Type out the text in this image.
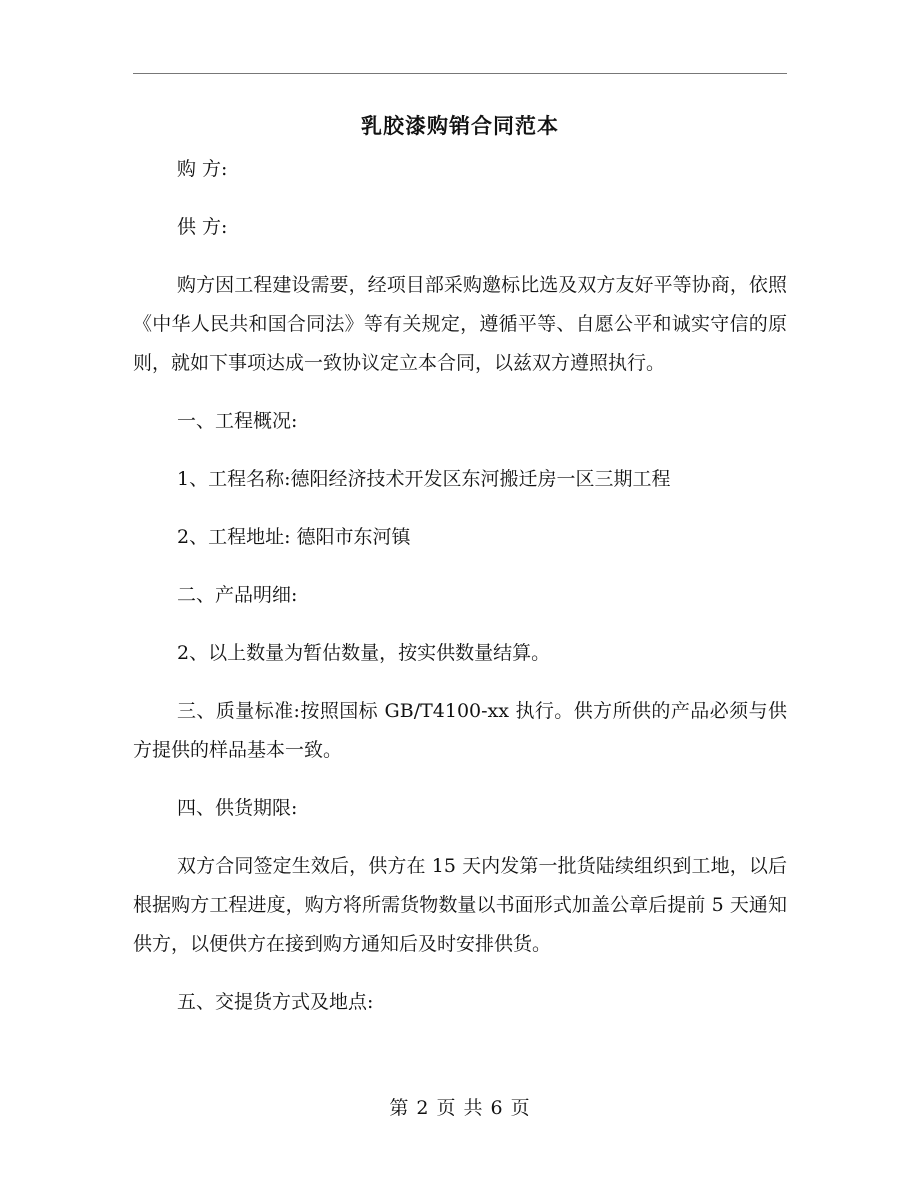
乳胶漆购销合同范本

购 方:

供 方:

购方因工程建设需要，经项目部采购邀标比选及双方友好平等协商，依照《中华人民共和国合同法》等有关规定，遵循平等、自愿公平和诚实守信的原则，就如下事项达成一致协议定立本合同，以兹双方遵照执行。

一、工程概况:

1、工程名称:德阳经济技术开发区东河搬迁房一区三期工程

2、工程地址: 德阳市东河镇

二、产品明细:

2、以上数量为暂估数量，按实供数量结算。

三、质量标准:按照国标 GB/T4100-xx 执行。供方所供的产品必须与供方提供的样品基本一致。

四、供货期限:

双方合同签定生效后，供方在 15 天内发第一批货陆续组织到工地，以后根据购方工程进度，购方将所需货物数量以书面形式加盖公章后提前 5 天通知供方，以便供方在接到购方通知后及时安排供货。

五、交提货方式及地点:

第 2 页 共 6 页
